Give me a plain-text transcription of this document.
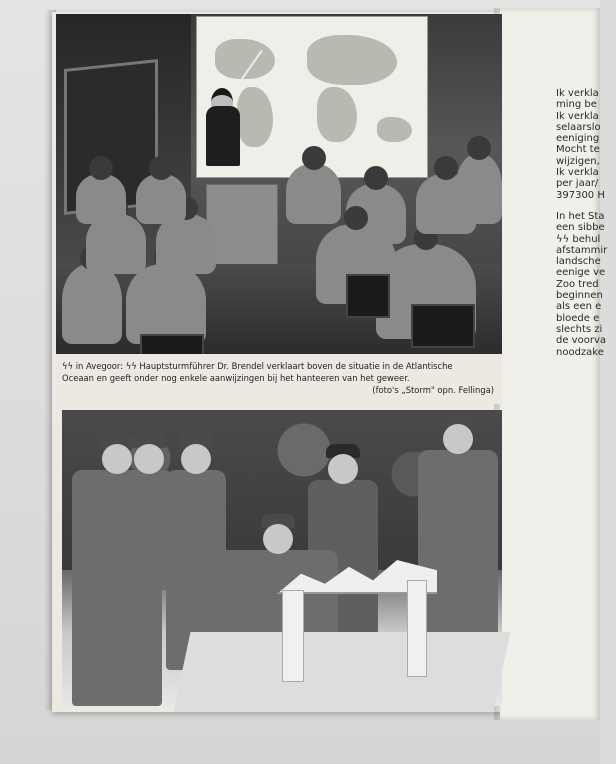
Ik verkla
ming be
Ik verkla
selaarslo
eeniging
Mocht te
wijzigen,
Ik verkla
per jaar/
397300 H
In het Sta
een sibbe
ϟϟ behul
afstammir
landsche
eenige ve
Zoo tred
beginnen
als een e
bloede e
slechts zi
de voorva
noodzake

ϟϟ in Avegoor: ϟϟ Hauptsturmführer Dr. Brendel verklaart boven de situatie in de Atlantische

Oceaan en geeft onder nog enkele aanwijzingen bij het hanteeren van het geweer.

(foto's „Storm" opn. Fellinga)
